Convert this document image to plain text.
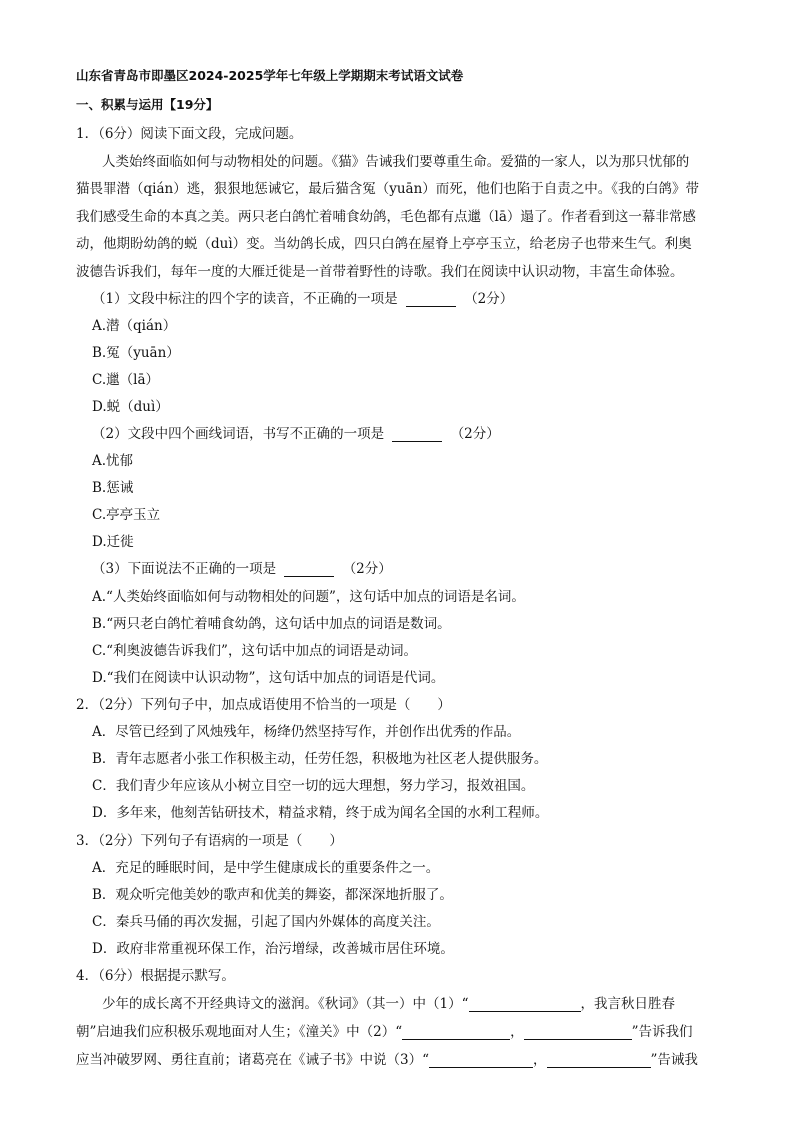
山东省青岛市即墨区2024-2025学年七年级上学期期末考试语文试卷
一、积累与运用【19分】
1．（6分）阅读下面文段，完成问题。
人类始终面临如何与动物相处的问题。《猫》告诫我们要尊重生命。爱猫的一家人，以为那只忧郁的
猫畏罪潜（qián）逃，狠狠地惩诫它，最后猫含冤（yuān）而死，他们也陷于自责之中。《我的白鸽》带
我们感受生命的本真之美。两只老白鸽忙着哺食幼鸽，毛色都有点邋（lā）遢了。作者看到这一幕非常感
动，他期盼幼鸽的蜕（duì）变。当幼鸽长成，四只白鸽在屋脊上亭亭玉立，给老房子也带来生气。利奥
波德告诉我们，每年一度的大雁迁徙是一首带着野性的诗歌。我们在阅读中认识动物，丰富生命体验。
（1）文段中标注的四个字的读音，不正确的一项是	（2分）
A.潜（qián）
B.冤（yuān）
C.邋（lā）
D.蜕（duì）
（2）文段中四个画线词语，书写不正确的一项是	（2分）
A.忧郁
B.惩诫
C.亭亭玉立
D.迁徙
（3）下面说法不正确的一项是	（2分）
A.“人类始终面临如何与动物相处的问题”，这句话中加点的词语是名词。
B.“两只老白鸽忙着哺食幼鸽，这句话中加点的词语是数词。
C.“利奥波德告诉我们”，这句话中加点的词语是动词。
D.“我们在阅读中认识动物”，这句话中加点的词语是代词。
2．（2分）下列句子中，加点成语使用不恰当的一项是（　　）
A．尽管已经到了风烛残年，杨绛仍然坚持写作，并创作出优秀的作品。
B．青年志愿者小张工作积极主动，任劳任怨，积极地为社区老人提供服务。
C．我们青少年应该从小树立目空一切的远大理想，努力学习，报效祖国。
D．多年来，他刻苦钻研技术，精益求精，终于成为闻名全国的水利工程师。
3．（2分）下列句子有语病的一项是（　　）
A．充足的睡眠时间，是中学生健康成长的重要条件之一。
B．观众听完他美妙的歌声和优美的舞姿，都深深地折服了。
C．秦兵马俑的再次发掘，引起了国内外媒体的高度关注。
D．政府非常重视环保工作，治污增绿，改善城市居住环境。
4．（6分）根据提示默写。
少年的成长离不开经典诗文的滋润。《秋词》（其一）中（1）“	，我言秋日胜春
朝”启迪我们应积极乐观地面对人生；《潼关》中（2）“	，	”告诉我们
应当冲破罗网、勇往直前；诸葛亮在《诫子书》中说（3）“	，	”告诫我
